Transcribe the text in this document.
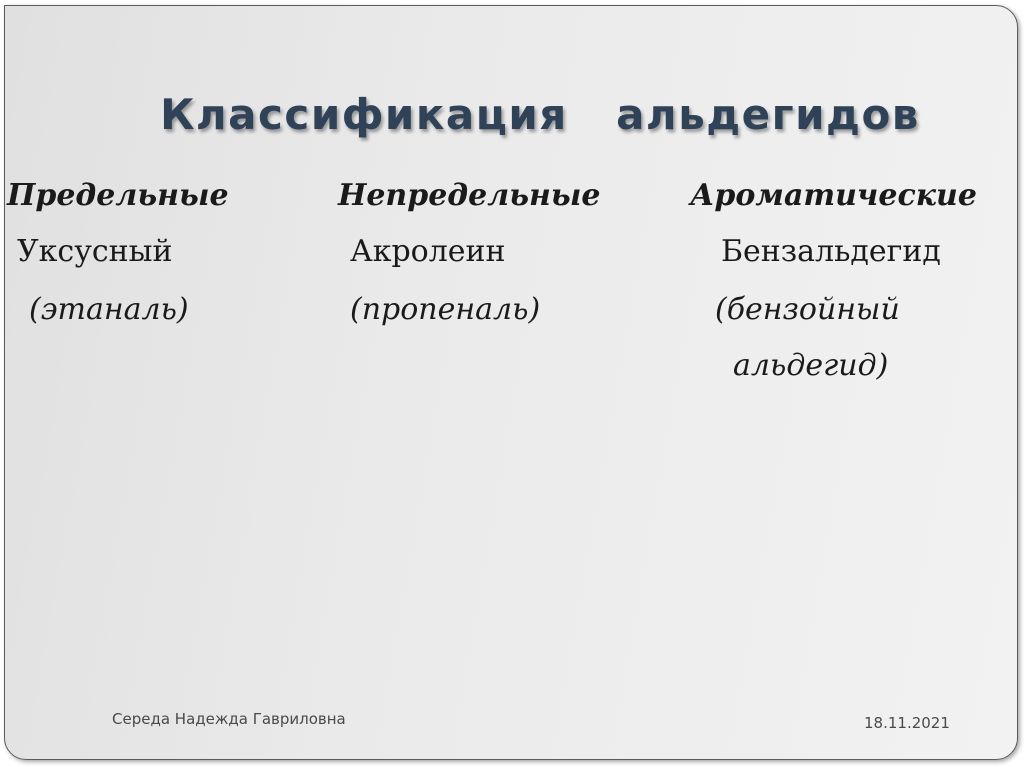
Классификация   альдегидов

Предельные

Уксусный

(этаналь)

Непредельные

Акролеин

(пропеналь)

Ароматические

Бензальдегид

(бензойный

альдегид)

Середа Надежда Гавриловна	18.11.2021
